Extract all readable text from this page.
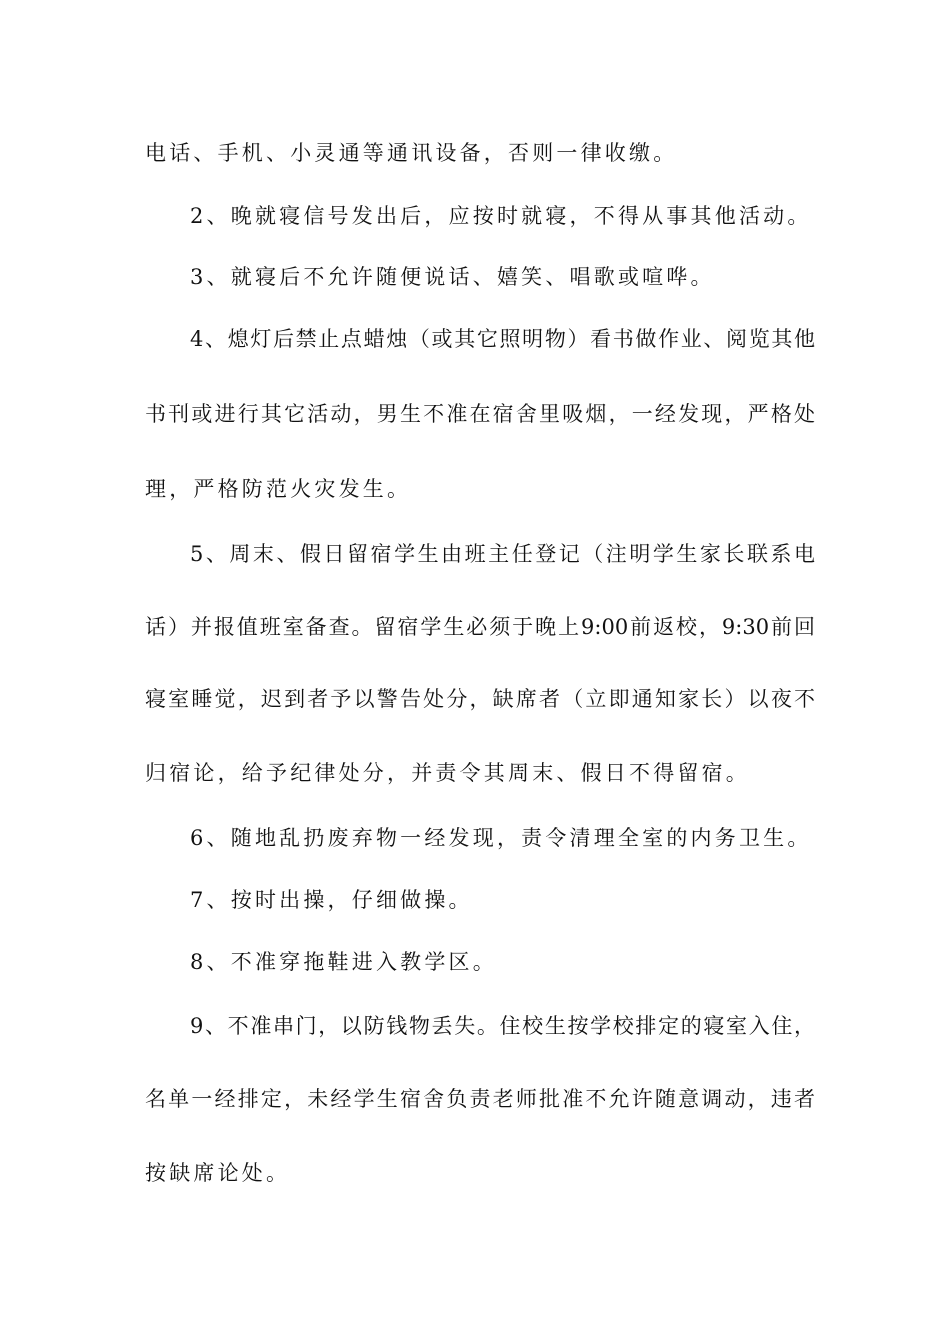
电话、手机、小灵通等通讯设备，否则一律收缴。
2、晚就寝信号发出后，应按时就寝，不得从事其他活动。
3、就寝后不允许随便说话、嬉笑、唱歌或喧哗。
4、熄灯后禁止点蜡烛（或其它照明物）看书做作业、阅览其他
书刊或进行其它活动，男生不准在宿舍里吸烟，一经发现，严格处
理，严格防范火灾发生。
5、周末、假日留宿学生由班主任登记（注明学生家长联系电
话）并报值班室备查。留宿学生必须于晚上9:00前返校，9:30前回
寝室睡觉，迟到者予以警告处分，缺席者（立即通知家长）以夜不
归宿论，给予纪律处分，并责令其周末、假日不得留宿。
6、随地乱扔废弃物一经发现，责令清理全室的内务卫生。
7、按时出操，仔细做操。
8、不准穿拖鞋进入教学区。
9、不准串门，以防钱物丢失。住校生按学校排定的寝室入住，
名单一经排定，未经学生宿舍负责老师批准不允许随意调动，违者
按缺席论处。
